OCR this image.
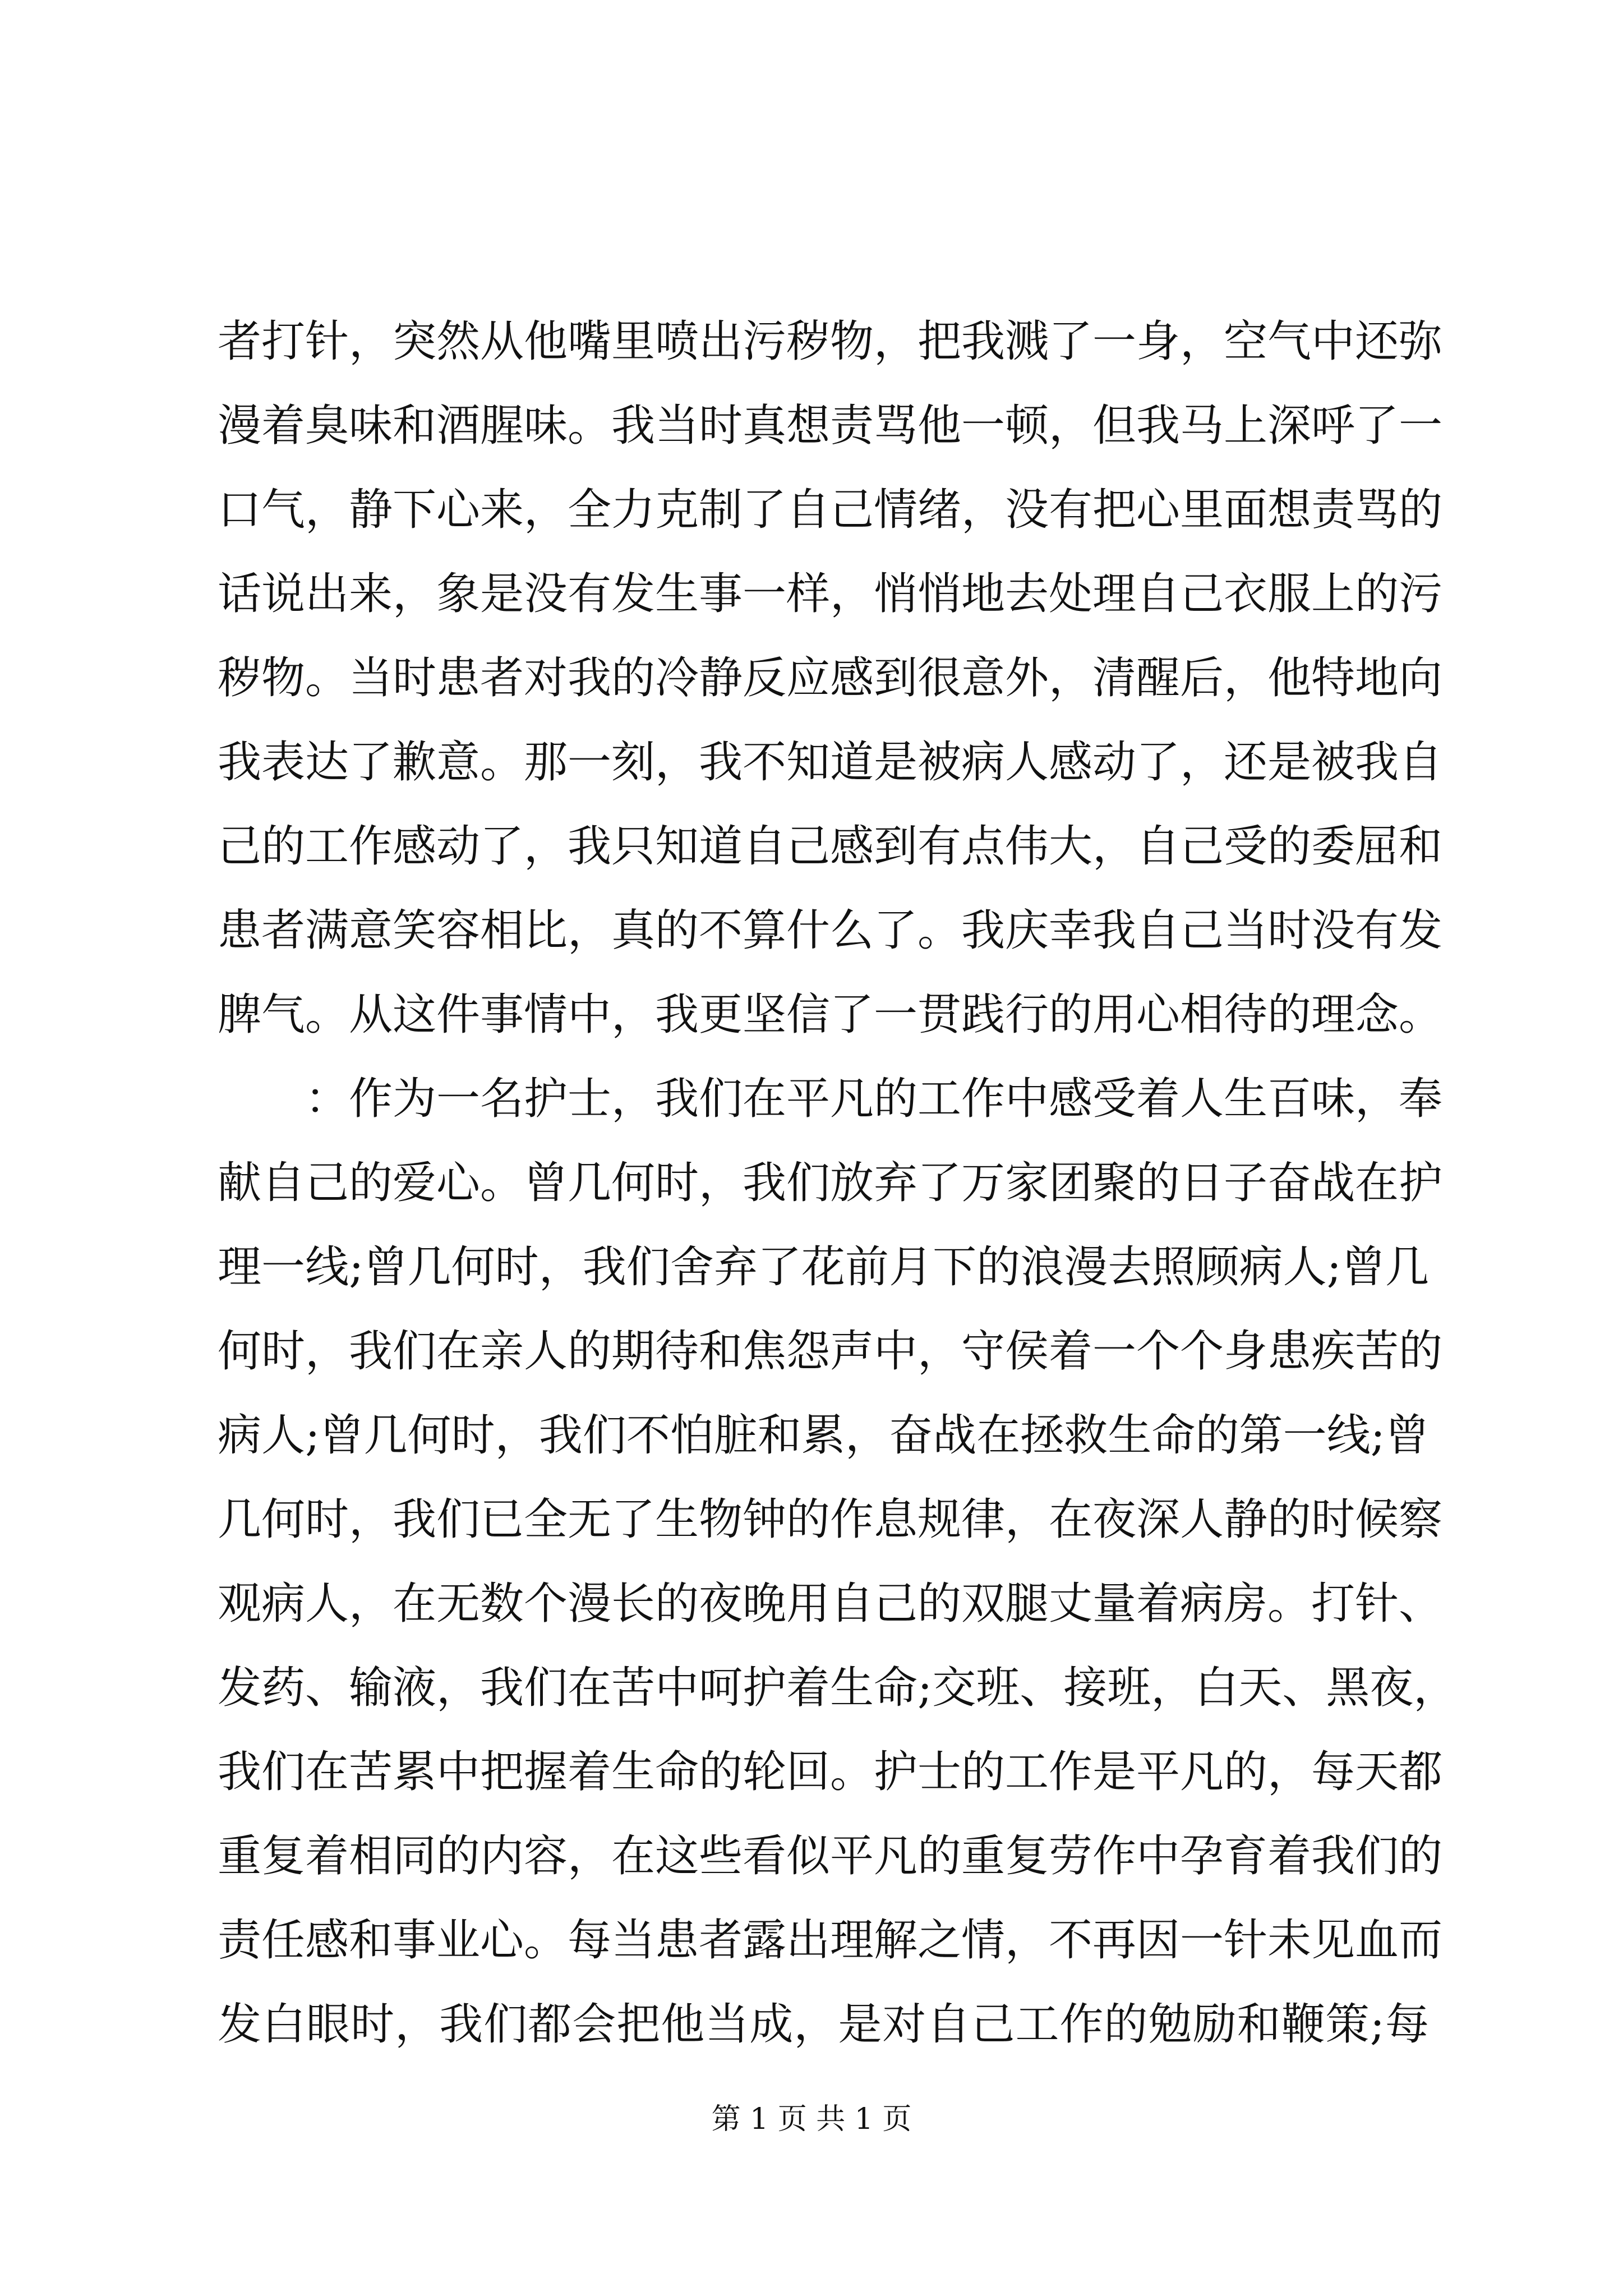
者打针，突然从他嘴里喷出污秽物，把我溅了一身，空气中还弥
漫着臭味和酒腥味。我当时真想责骂他一顿，但我马上深呼了一
口气，静下心来，全力克制了自己情绪，没有把心里面想责骂的
话说出来，象是没有发生事一样，悄悄地去处理自己衣服上的污
秽物。当时患者对我的冷静反应感到很意外，清醒后，他特地向
我表达了歉意。那一刻，我不知道是被病人感动了，还是被我自
己的工作感动了，我只知道自己感到有点伟大，自己受的委屈和
患者满意笑容相比，真的不算什么了。我庆幸我自己当时没有发
脾气。从这件事情中，我更坚信了一贯践行的用心相待的理念。
：作为一名护士，我们在平凡的工作中感受着人生百味，奉
献自己的爱心。曾几何时，我们放弃了万家团聚的日子奋战在护
理一线;曾几何时，我们舍弃了花前月下的浪漫去照顾病人;曾几
何时，我们在亲人的期待和焦怨声中，守侯着一个个身患疾苦的
病人;曾几何时，我们不怕脏和累，奋战在拯救生命的第一线;曾
几何时，我们已全无了生物钟的作息规律，在夜深人静的时候察
观病人，在无数个漫长的夜晚用自己的双腿丈量着病房。打针、
发药、输液，我们在苦中呵护着生命;交班、接班，白天、黑夜，
我们在苦累中把握着生命的轮回。护士的工作是平凡的，每天都
重复着相同的内容，在这些看似平凡的重复劳作中孕育着我们的
责任感和事业心。每当患者露出理解之情，不再因一针未见血而
发白眼时，我们都会把他当成，是对自己工作的勉励和鞭策;每
第 1 页 共 1 页
